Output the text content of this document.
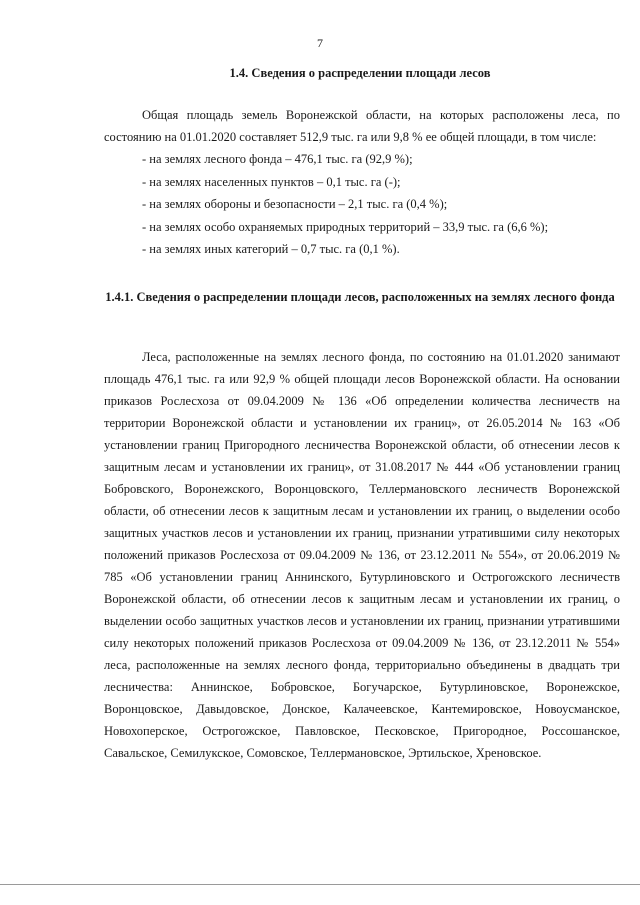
7
1.4. Сведения о распределении площади лесов

Общая площадь земель Воронежской области, на которых расположены леса, по состоянию на 01.01.2020 составляет 512,9 тыс. га или 9,8 % ее общей площади, в том числе:

- на землях лесного фонда – 476,1 тыс. га (92,9 %);
- на землях населенных пунктов – 0,1 тыс. га (-);
- на землях обороны и безопасности – 2,1 тыс. га (0,4 %);
- на землях особо охраняемых природных территорий – 33,9 тыс. га (6,6 %);
- на землях иных категорий – 0,7 тыс. га (0,1 %).
1.4.1. Сведения о распределении площади лесов, расположенных на землях лесного фонда

Леса, расположенные на землях лесного фонда, по состоянию на 01.01.2020 занимают площадь 476,1 тыс. га или 92,9 % общей площади лесов Воронежской области. На основании приказов Рослесхоза от 09.04.2009 № 136 «Об определении количества лесничеств на территории Воронежской области и установлении их границ», от 26.05.2014 № 163 «Об установлении границ Пригородного лесничества Воронежской области, об отнесении лесов к защитным лесам и установлении их границ», от 31.08.2017 № 444 «Об установлении границ Бобровского, Воронежского, Воронцовского, Теллермановского лесничеств Воронежской области, об отнесении лесов к защитным лесам и установлении их границ, о выделении особо защитных участков лесов и установлении их границ, признании утратившими силу некоторых положений приказов Рослесхоза от 09.04.2009 № 136, от 23.12.2011 № 554», от 20.06.2019 № 785 «Об установлении границ Аннинского, Бутурлиновского и Острогожского лесничеств Воронежской области, об отнесении лесов к защитным лесам и установлении их границ, о выделении особо защитных участков лесов и установлении их границ, признании утратившими силу некоторых положений приказов Рослесхоза от 09.04.2009 № 136, от 23.12.2011 № 554» леса, расположенные на землях лесного фонда, территориально объединены в двадцать три лесничества: Аннинское, Бобровское, Богучарское, Бутурлиновское, Воронежское, Воронцовское, Давыдовское, Донское, Калачеевское, Кантемировское, Новоусманское, Новохоперское, Острогожское, Павловское, Песковское, Пригородное, Россошанское, Савальское, Семилукское, Сомовское, Теллермановское, Эртильское, Хреновское.
